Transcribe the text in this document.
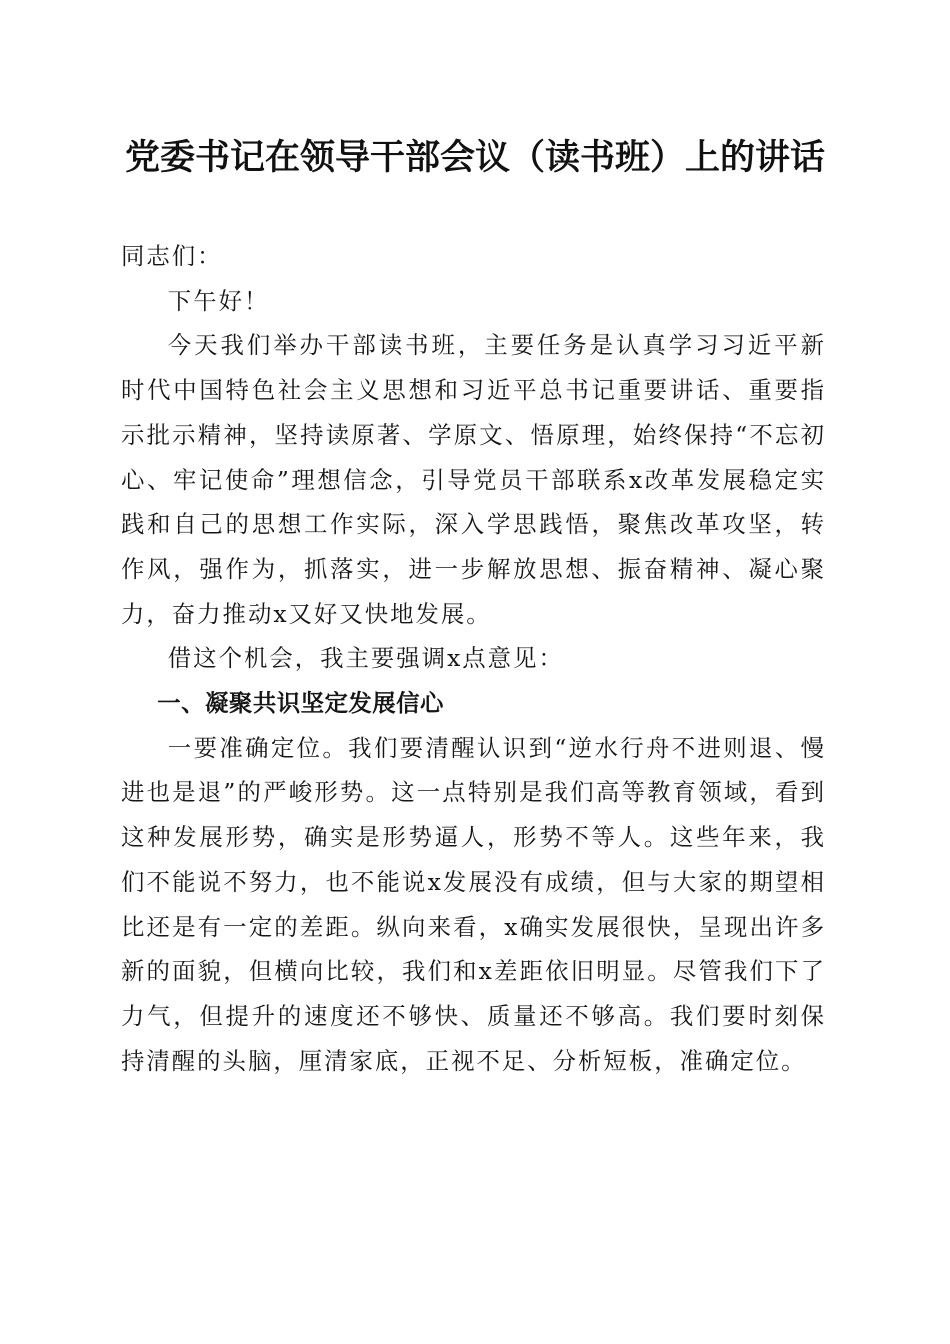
党委书记在领导干部会议（读书班）上的讲话

同志们：

下午好！

今天我们举办干部读书班，主要任务是认真学习习近平新时代中国特色社会主义思想和习近平总书记重要讲话、重要指示批示精神，坚持读原著、学原文、悟原理，始终保持“不忘初心、牢记使命”理想信念，引导党员干部联系x改革发展稳定实践和自己的思想工作实际，深入学思践悟，聚焦改革攻坚，转作风，强作为，抓落实，进一步解放思想、振奋精神、凝心聚力，奋力推动x又好又快地发展。

借这个机会，我主要强调x点意见：

一、凝聚共识坚定发展信心

一要准确定位。我们要清醒认识到“逆水行舟不进则退、慢进也是退”的严峻形势。这一点特别是我们高等教育领域，看到这种发展形势，确实是形势逼人，形势不等人。这些年来，我们不能说不努力，也不能说x发展没有成绩，但与大家的期望相比还是有一定的差距。纵向来看，x确实发展很快，呈现出许多新的面貌，但横向比较，我们和x差距依旧明显。尽管我们下了力气，但提升的速度还不够快、质量还不够高。我们要时刻保持清醒的头脑，厘清家底，正视不足、分析短板，准确定位。
